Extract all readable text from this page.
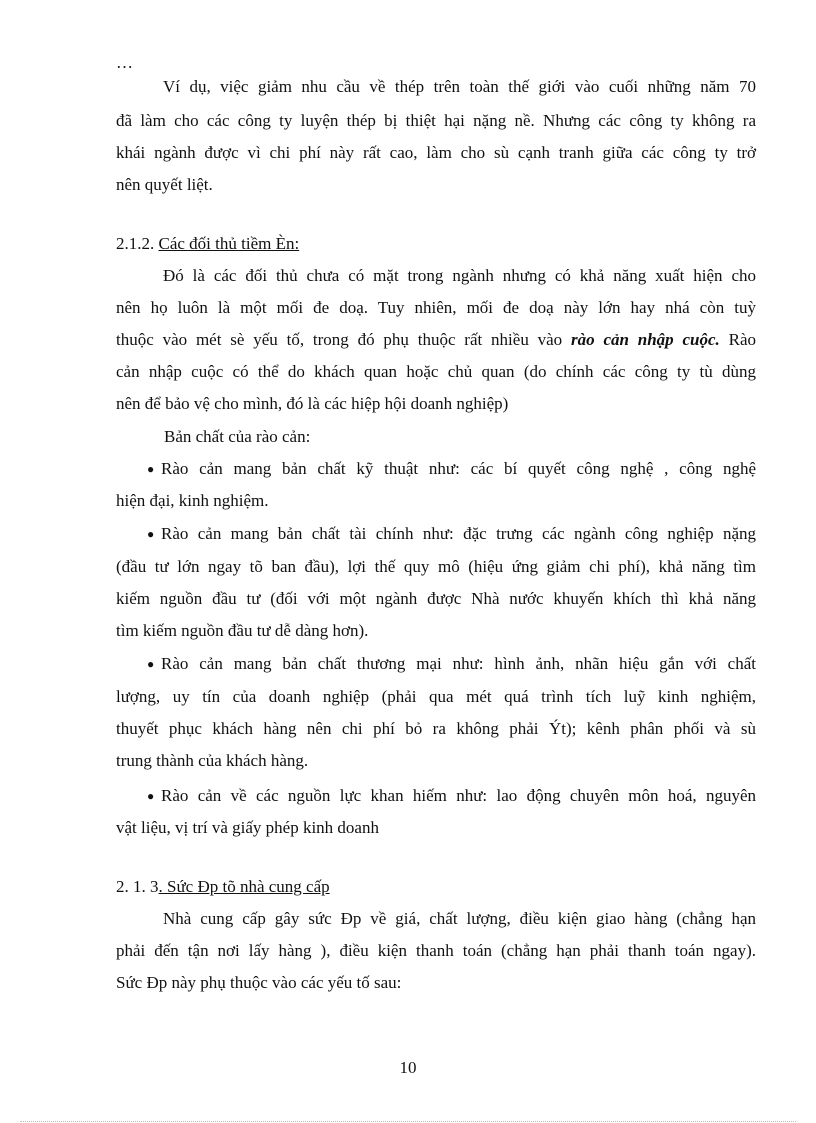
…
Ví dụ, việc giảm nhu cầu về thép trên toàn thế giới vào cuối những năm 70
đã làm cho các công ty luyện thép bị thiệt hại nặng nề. Nhưng các công ty không ra
khái ngành được vì chi phí này rất cao, làm cho sù cạnh tranh giữa các công ty trở
nên quyết liệt.
2.1.2. Các đối thủ tiềm Èn:
Đó là các đối thủ chưa có mặt trong ngành nhưng có khả năng xuất hiện cho
nên họ luôn là một mối đe doạ. Tuy nhiên, mối đe doạ này lớn hay nhá còn tuỳ
thuộc vào mét sè yếu tố, trong đó phụ thuộc rất nhiều vào rào cản nhập cuộc. Rào
cản nhập cuộc có thể do khách quan hoặc chủ quan (do chính các công ty tù dùng
nên để bảo vệ cho mình, đó là các hiệp hội doanh nghiệp)
Bản chất của rào cản:
● Rào cản mang bản chất kỹ thuật như: các bí quyết công nghệ , công nghệ
hiện đại, kinh nghiệm.
● Rào cản mang bản chất tài chính như: đặc trưng các ngành công nghiệp nặng
(đầu tư lớn ngay tõ ban đầu), lợi thế quy mô (hiệu ứng giảm chi phí), khả năng tìm
kiếm nguồn đầu tư (đối với một ngành được Nhà nước khuyến khích thì khả năng
tìm kiếm nguồn đầu tư dễ dàng hơn).
● Rào cản mang bản chất thương mại như: hình ảnh, nhãn hiệu gắn với chất
lượng, uy tín của doanh nghiệp (phải qua mét quá trình tích luỹ kinh nghiệm,
thuyết phục khách hàng nên chi phí bỏ ra không phải Ýt); kênh phân phối và sù
trung thành của khách hàng.
● Rào cản về các nguồn lực khan hiếm như: lao động chuyên môn hoá, nguyên
vật liệu, vị trí và giấy phép kinh doanh
2. 1. 3. Sức Ðp tõ nhà cung cấp
Nhà cung cấp gây sức Ðp về giá, chất lượng, điều kiện giao hàng (chẳng hạn
phải đến tận nơi lấy hàng ), điều kiện thanh toán (chẳng hạn phải thanh toán ngay).
Sức Ðp này phụ thuộc vào các yếu tố sau:
10
